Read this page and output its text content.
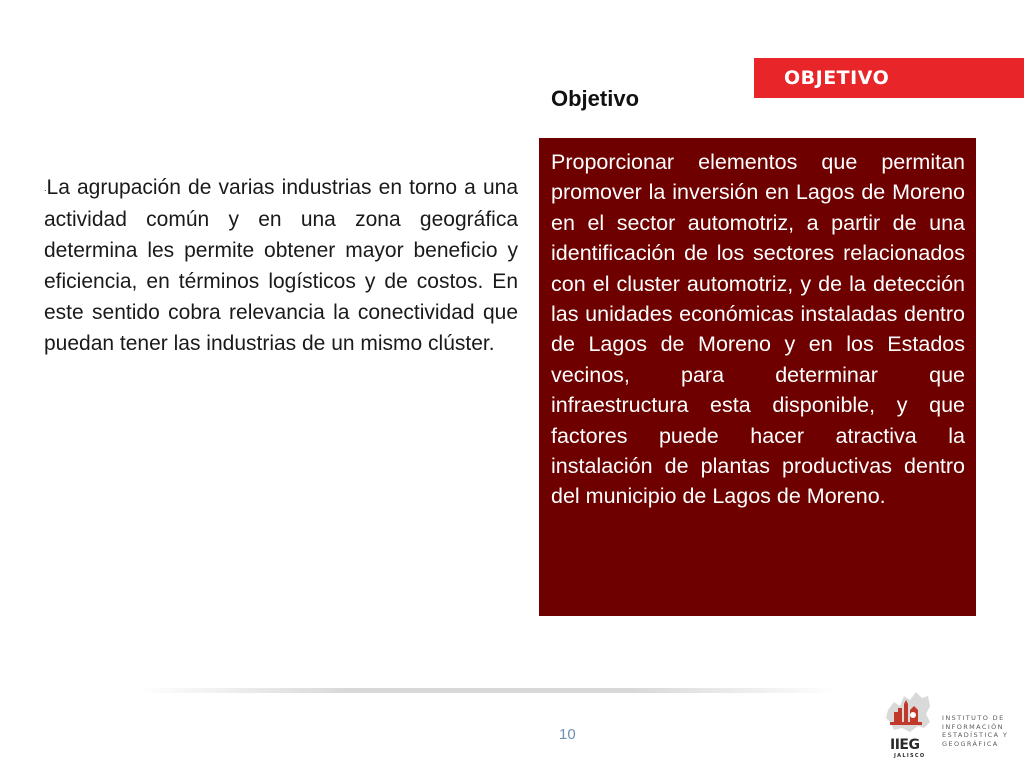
OBJETIVO
Objetivo
.La agrupación de varias industrias en torno a una actividad común y en una zona geográfica determina les permite obtener mayor beneficio y eficiencia, en términos logísticos y de costos. En este sentido cobra relevancia la conectividad que puedan tener las industrias de un mismo clúster.

Proporcionar elementos que permitan promover la inversión en Lagos de Moreno en el sector automotriz, a partir de una identificación de los sectores relacionados con el cluster automotriz, y de la detección las unidades económicas instaladas dentro de Lagos de Moreno y en los Estados vecinos, para determinar que infraestructura esta disponible, y que factores puede hacer atractiva la instalación de plantas productivas dentro del municipio de Lagos de Moreno.

10
IIEG
JALISCO
INSTITUTO DE
INFORMACIÓN
ESTADÍSTICA Y
GEOGRÁFICA
